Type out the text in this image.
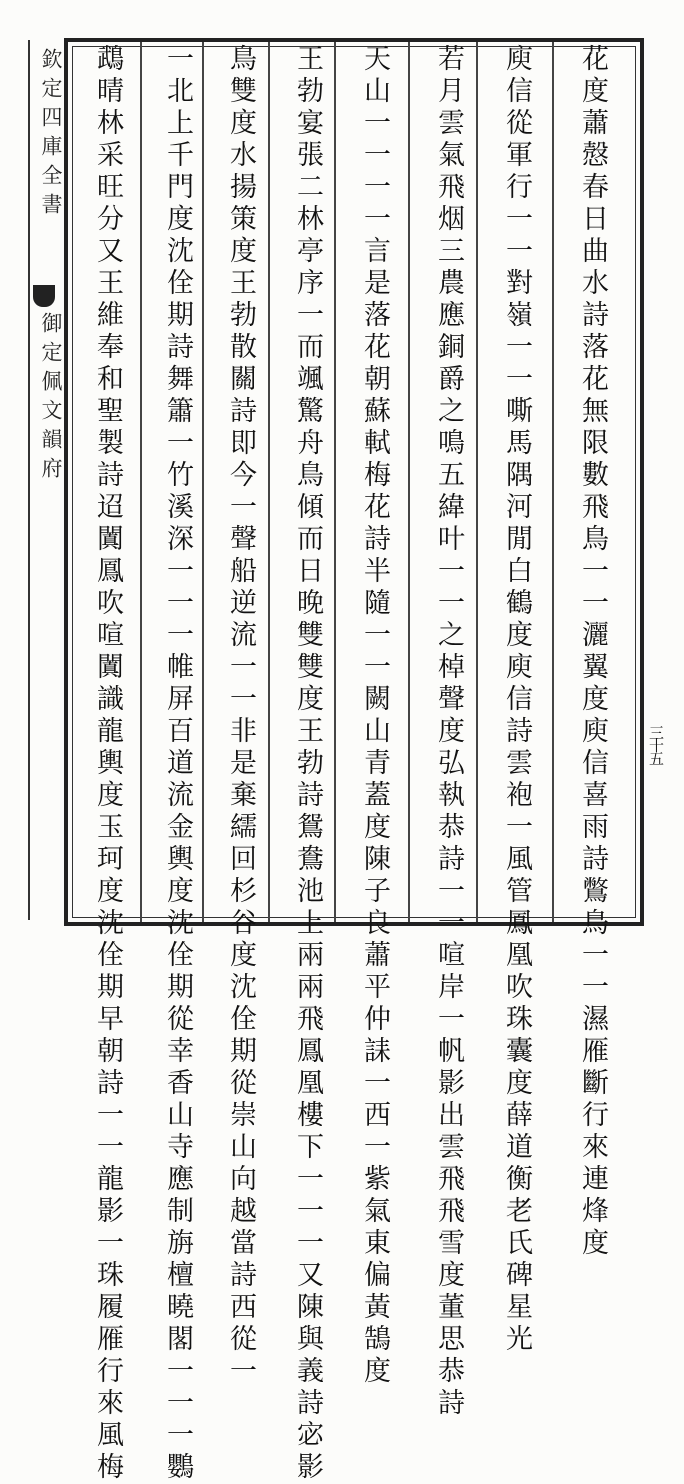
欽定四庫全書
御定佩文韻府	花度蕭慤春日曲水詩落花無限數飛鳥一一灑翼度庾信喜雨詩鷩鳥一一濕雁斷行來連烽度
庾信從軍行一一對嶺一一嘶馬隅河閒白鶴度庾信詩雲袍一風管鳳凰吹珠囊度薛道衡老氏碑星光
若月雲氣飛烟三農應銅爵之鳴五緯叶一一之棹聲度弘執恭詩一一喧岸一帆影出雲飛飛雪度董思恭詩
天山一一一一言是落花朝蘇軾梅花詩半隨一一闕山青蓋度陳子良蕭平仲誄一西一紫氣東偏黃鵠度
王勃宴張二林亭序一而颯驚舟鳥傾而日晚雙雙度王勃詩鴛鴦池上兩兩飛鳳凰樓下一一一又陳與義詩宓影
鳥雙度水揚策度王勃散關詩即今一聲船逆流一一非是棄繻回杉谷度沈佺期從崇山向越當詩西從一
一北上千門度沈佺期詩舞簫一竹溪深一一一帷屏百道流金輿度沈佺期從幸香山寺應制旃檀曉閣一一一鸚
鵡晴林采旺分又王維奉和聖製詩迢闐鳳吹喧闐識龍輿度玉珂度沈佺期早朝詩一一龍影一珠履雁行來風梅	三十五
